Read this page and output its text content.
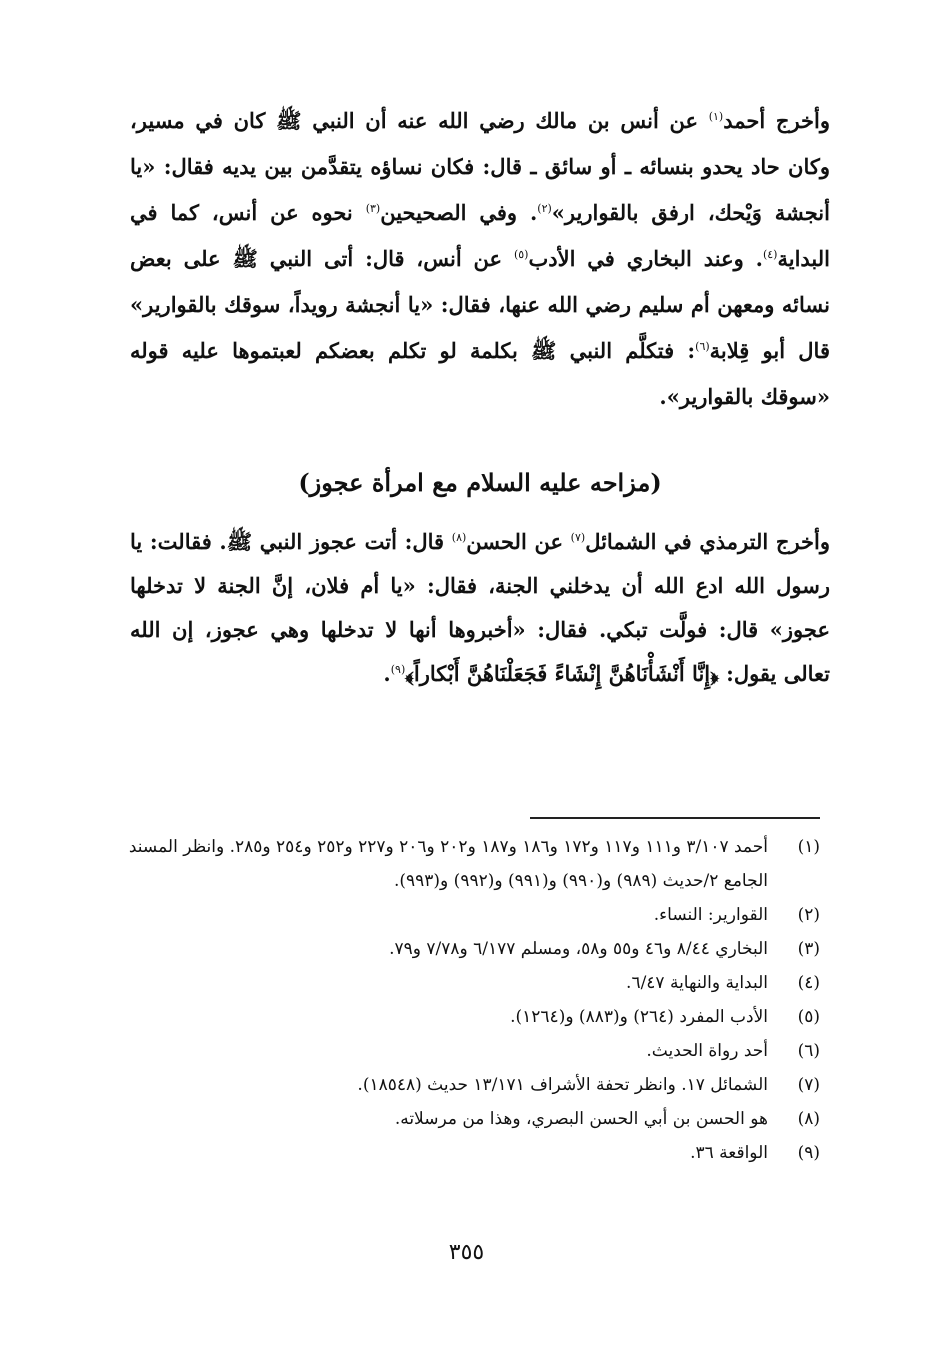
وأخرج أحمد$^{(١)}$ عن أنس بن مالك رضي الله عنه أن النبي ﷺ كان في مسير، وكان حاد يحدو بنسائه ـ أو سائق ـ قال: فكان نساؤه يتقدَّمن بين يديه فقال: «يا أنجشة وَيْحك، ارفق بالقوارير»$^{(٢)}$. وفي الصحيحين$^{(٣)}$ نحوه عن أنس، كما في البداية$^{(٤)}$. وعند البخاري في الأدب$^{(٥)}$ عن أنس، قال: أتى النبي ﷺ على بعض نسائه ومعهن أم سليم رضي الله عنها، فقال: «يا أنجشة رويداً، سوقك بالقوارير» قال أبو قِلابة$^{(٦)}$: فتكلَّم النبي ﷺ بكلمة لو تكلم بعضكم لعبتموها عليه قوله «سوقك بالقوارير».
(مزاحه عليه السلام مع امرأة عجوز)
وأخرج الترمذي في الشمائل$^{(٧)}$ عن الحسن$^{(٨)}$ قال: أتت عجوز النبي ﷺ. فقالت: يا رسول الله ادع الله أن يدخلني الجنة، فقال: «يا أم فلان، إنَّ الجنة لا تدخلها عجوز» قال: فولَّت تبكي. فقال: «أخبروها أنها لا تدخلها وهي عجوز، إن الله تعالى يقول: ﴿إِنَّا أَنْشَأْنَاهُنَّ إِنْشَاءً فَجَعَلْنَاهُنَّ أَبْكاراً﴾$^{(٩)}$.
(١)
أحمد ٣/١٠٧ و١١١ و١١٧ و١٧٢ و١٨٦ و١٨٧ و٢٠٢ و٢٠٦ و٢٢٧ و٢٥٢ و٢٥٤ و٢٨٥. وانظر المسند الجامع ٢/حديث (٩٨٩) و(٩٩٠) و(٩٩١) و(٩٩٢) و(٩٩٣).
(٢)
القوارير: النساء.
(٣)
البخاري ٨/٤٤ و٤٦ و٥٥ و٥٨، ومسلم ٦/١٧٧ و٧/٧٨ و٧٩.
(٤)
البداية والنهاية ٦/٤٧.
(٥)
الأدب المفرد (٢٦٤) و(٨٨٣) و(١٢٦٤).
(٦)
أحد رواة الحديث.
(٧)
الشمائل ١٧. وانظر تحفة الأشراف ١٣/١٧١ حديث (١٨٥٤٨).
(٨)
هو الحسن بن أبي الحسن البصري، وهذا من مرسلاته.
(٩)
الواقعة ٣٦.
٣٥٥
